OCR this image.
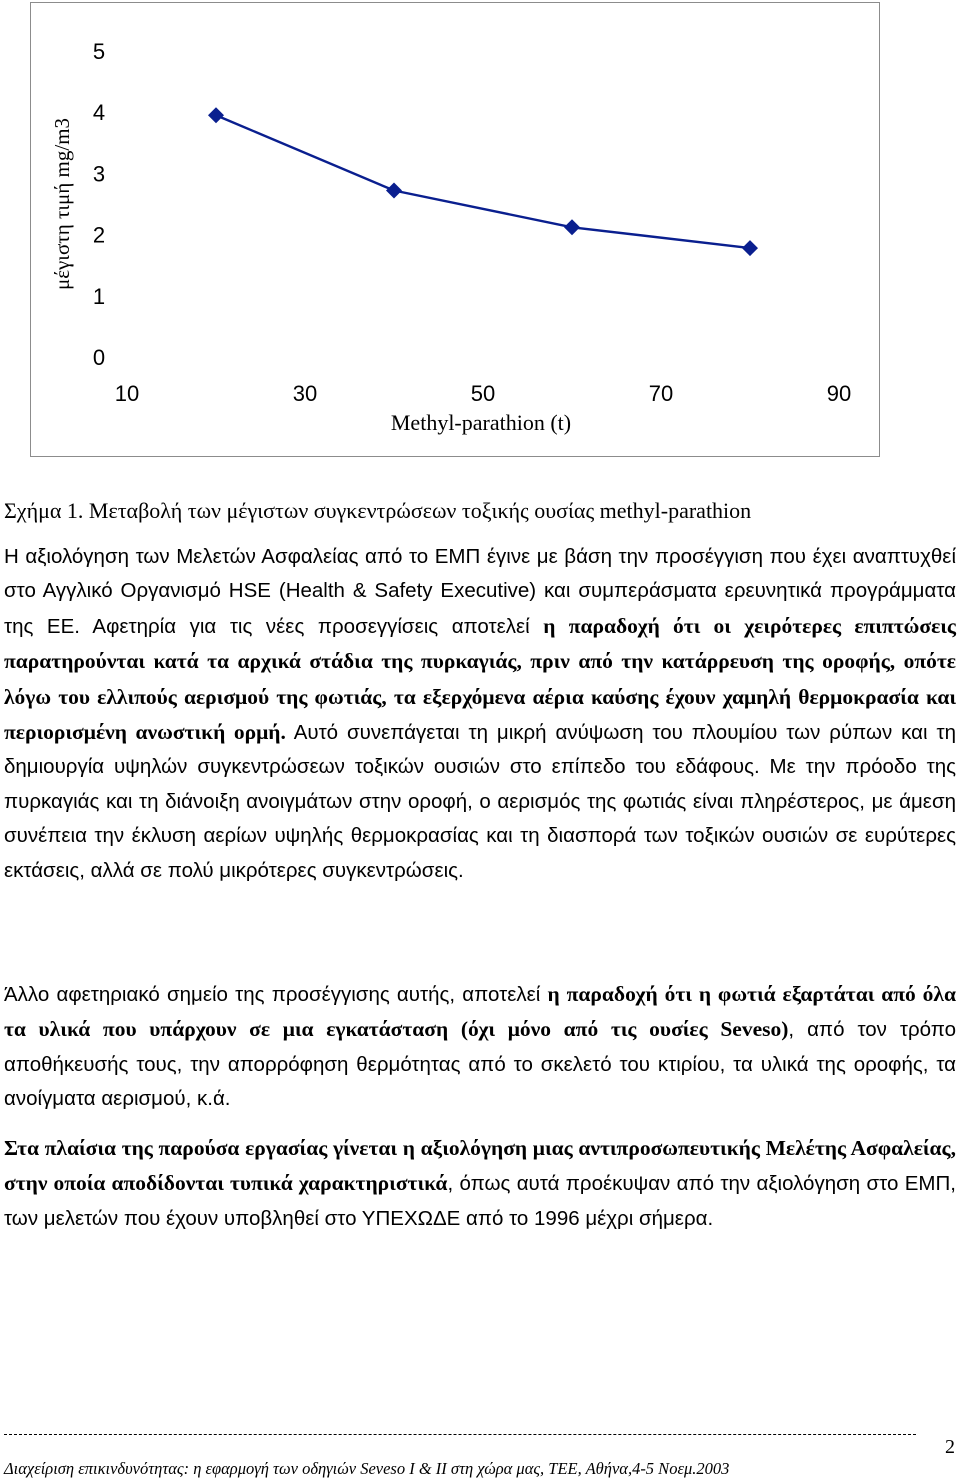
0
1
2
3
4
5
10	30	50	70	90
μέγιστη τιμή mg/m3
Methyl-parathion (t)

Σχήμα 1. Μεταβολή των μέγιστων συγκεντρώσεων τοξικής ουσίας methyl-parathion

Η αξιολόγηση των Μελετών Ασφαλείας από το ΕΜΠ έγινε με βάση την προσέγγιση που έχει αναπτυχθεί στο Αγγλικό Οργανισμό HSE (Health & Safety Executive) και συμπεράσματα ερευνητικά προγράμματα της ΕΕ. Αφετηρία για τις νέες προσεγγίσεις αποτελεί η παραδοχή ότι οι χειρότερες επιπτώσεις παρατηρούνται κατά τα αρχικά στάδια της πυρκαγιάς, πριν από την κατάρρευση της οροφής, οπότε λόγω του ελλιπούς αερισμού της φωτιάς, τα εξερχόμενα αέρια καύσης έχουν χαμηλή θερμοκρασία και περιορισμένη ανωστική ορμή. Αυτό συνεπάγεται τη μικρή ανύψωση του πλουμίου των ρύπων και τη δημιουργία υψηλών συγκεντρώσεων τοξικών ουσιών στο επίπεδο του εδάφους. Με την πρόοδο της πυρκαγιάς και τη διάνοιξη ανοιγμάτων στην οροφή, ο αερισμός της φωτιάς είναι πληρέστερος, με άμεση συνέπεια την έκλυση αερίων υψηλής θερμοκρασίας και τη διασπορά των τοξικών ουσιών σε ευρύτερες εκτάσεις, αλλά σε πολύ μικρότερες συγκεντρώσεις.

Άλλο αφετηριακό σημείο της προσέγγισης αυτής, αποτελεί η παραδοχή ότι η φωτιά εξαρτάται από όλα τα υλικά που υπάρχουν σε μια εγκατάσταση (όχι μόνο από τις ουσίες Seveso), από τον τρόπο αποθήκευσής τους, την απορρόφηση θερμότητας από το σκελετό του κτιρίου, τα υλικά της οροφής, τα ανοίγματα αερισμού, κ.ά.

Στα πλαίσια της παρούσα εργασίας γίνεται η αξιολόγηση μιας αντιπροσωπευτικής Μελέτης Ασφαλείας, στην οποία αποδίδονται τυπικά χαρακτηριστικά, όπως αυτά προέκυψαν από την αξιολόγηση στο ΕΜΠ, των μελετών που έχουν υποβληθεί στο ΥΠΕΧΩΔΕ από το 1996 μέχρι σήμερα.

Διαχείριση επικινδυνότητας: η εφαρμογή των οδηγιών Seveso I & II στη χώρα μας, ΤΕΕ, Αθήνα,4-5 Νοεμ.2003
2
